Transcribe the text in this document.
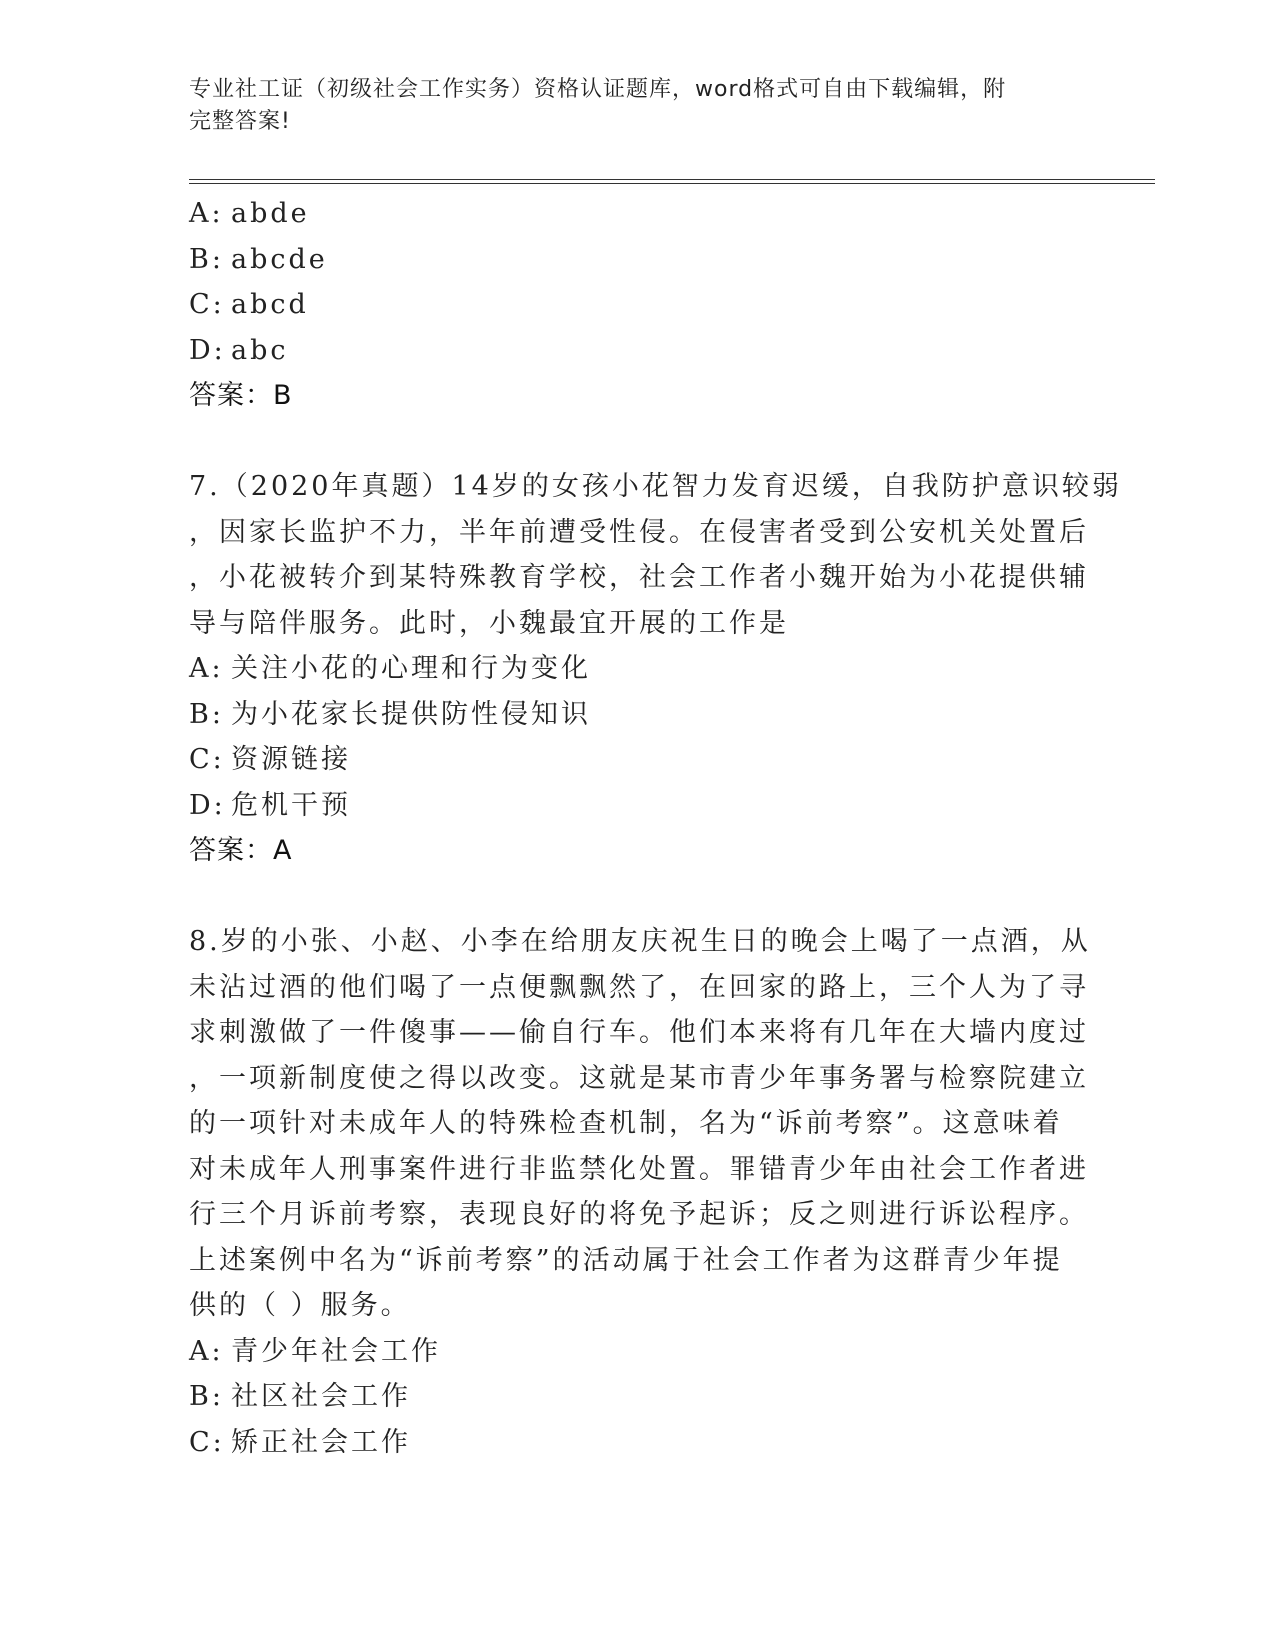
专业社工证（初级社会工作实务）资格认证题库，word格式可自由下载编辑，附
完整答案!
A: abde
B: abcde
C: abcd
D: abc
答案：B
7.（2020年真题）14岁的女孩小花智力发育迟缓，自我防护意识较弱
，因家长监护不力，半年前遭受性侵。在侵害者受到公安机关处置后
，小花被转介到某特殊教育学校，社会工作者小魏开始为小花提供辅
导与陪伴服务。此时，小魏最宜开展的工作是
A: 关注小花的心理和行为变化
B: 为小花家长提供防性侵知识
C: 资源链接
D: 危机干预
答案：A
8.岁的小张、小赵、小李在给朋友庆祝生日的晚会上喝了一点酒，从
未沾过酒的他们喝了一点便飘飘然了，在回家的路上，三个人为了寻
求刺激做了一件傻事——偷自行车。他们本来将有几年在大墙内度过
，一项新制度使之得以改变。这就是某市青少年事务署与检察院建立
的一项针对未成年人的特殊检查机制，名为“诉前考察”。这意味着
对未成年人刑事案件进行非监禁化处置。罪错青少年由社会工作者进
行三个月诉前考察，表现良好的将免予起诉；反之则进行诉讼程序。
上述案例中名为“诉前考察”的活动属于社会工作者为这群青少年提
供的（ ）服务。
A: 青少年社会工作
B: 社区社会工作
C: 矫正社会工作
